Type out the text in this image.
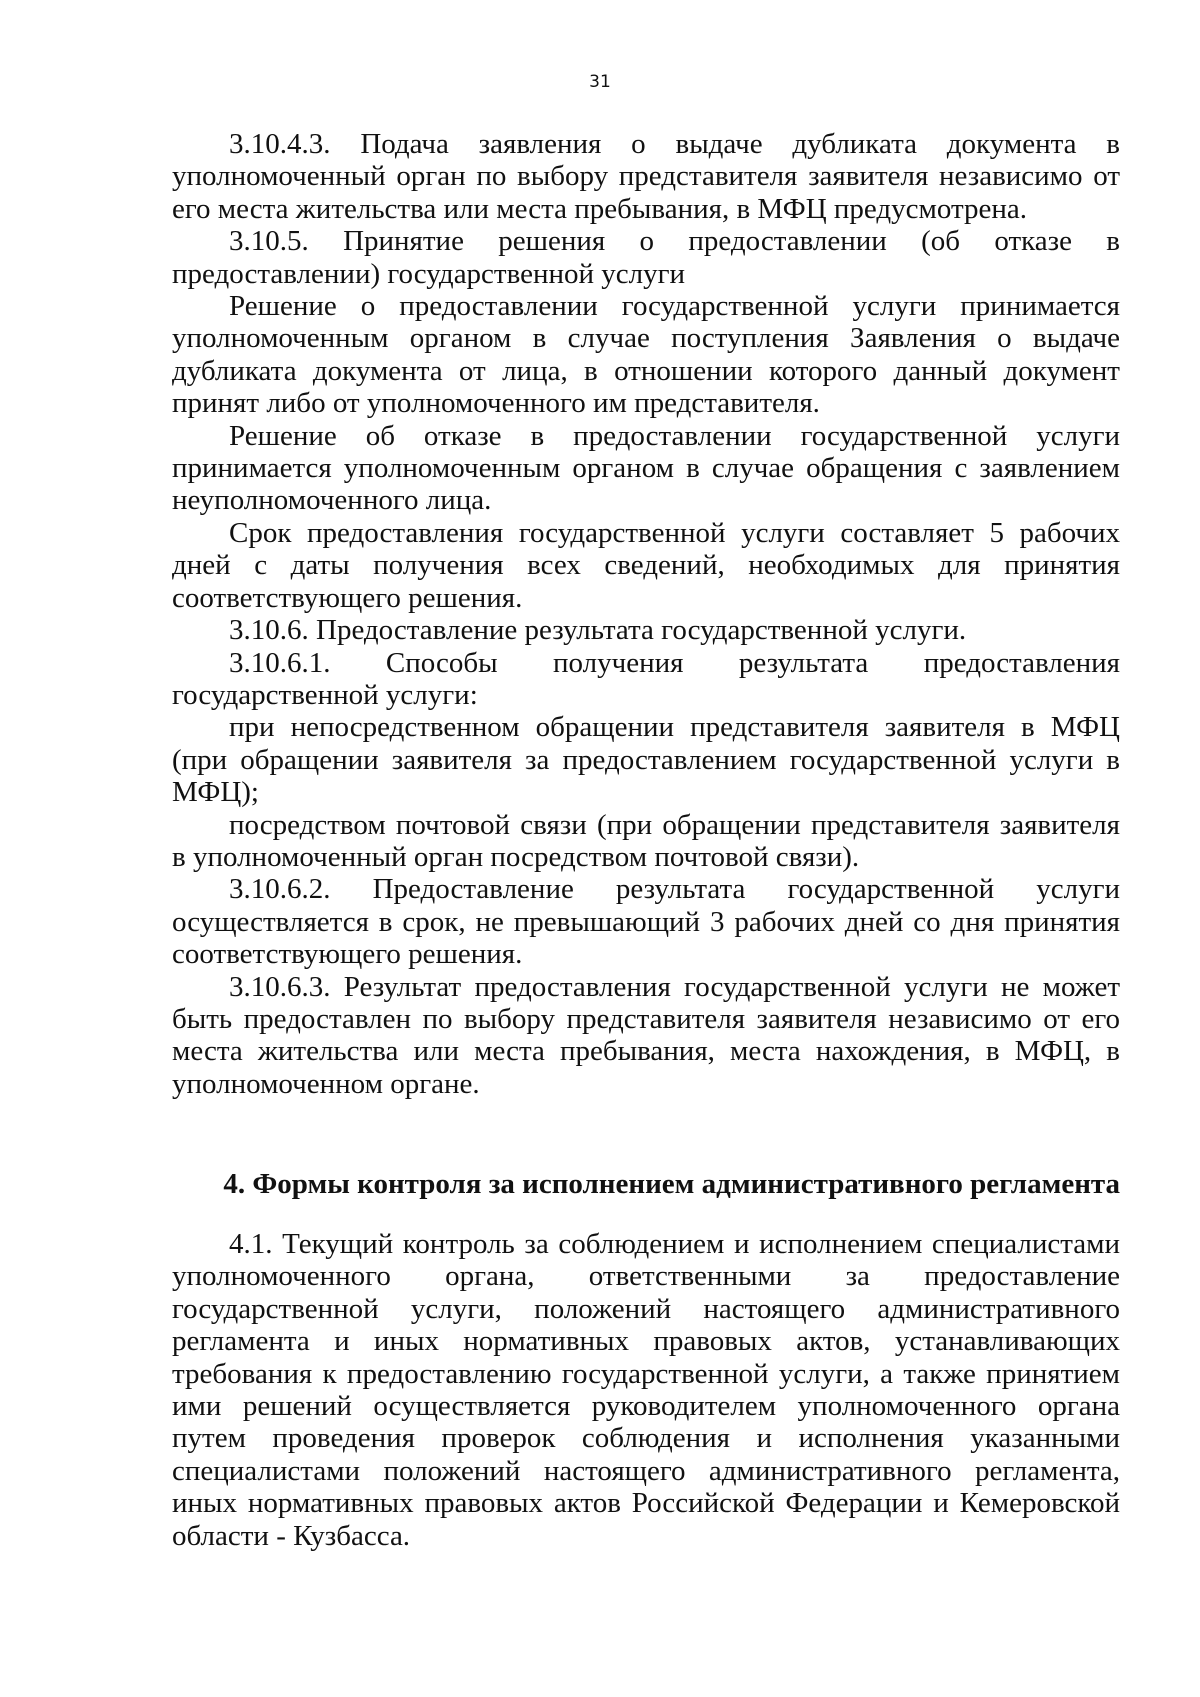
31

3.10.4.3. Подача заявления о выдаче дубликата документа в уполномоченный орган по выбору представителя заявителя независимо от его места жительства или места пребывания, в МФЦ предусмотрена.

3.10.5. Принятие решения о предоставлении (об отказе в предоставлении) государственной услуги

Решение о предоставлении государственной услуги принимается уполномоченным органом в случае поступления Заявления о выдаче дубликата документа от лица, в отношении которого данный документ принят либо от уполномоченного им представителя.

Решение об отказе в предоставлении государственной услуги принимается уполномоченным органом в случае обращения с заявлением неуполномоченного лица.

Срок предоставления государственной услуги составляет 5 рабочих дней с даты получения всех сведений, необходимых для принятия соответствующего решения.

3.10.6. Предоставление результата государственной услуги.

3.10.6.1. Способы получения результата предоставления государственной услуги:

при непосредственном обращении представителя заявителя в МФЦ (при обращении заявителя за предоставлением государственной услуги в МФЦ);

посредством почтовой связи (при обращении представителя заявителя в уполномоченный орган посредством почтовой связи).

3.10.6.2. Предоставление результата государственной услуги осуществляется в срок, не превышающий 3 рабочих дней со дня принятия соответствующего решения.

3.10.6.3. Результат предоставления государственной услуги не может быть предоставлен по выбору представителя заявителя независимо от его места жительства или места пребывания, места нахождения, в МФЦ, в уполномоченном органе.

4. Формы контроля за исполнением административного регламента

4.1. Текущий контроль за соблюдением и исполнением специалистами уполномоченного органа, ответственными за предоставление государственной услуги, положений настоящего административного регламента и иных нормативных правовых актов, устанавливающих требования к предоставлению государственной услуги, а также принятием ими решений осуществляется руководителем уполномоченного органа путем проведения проверок соблюдения и исполнения указанными специалистами положений настоящего административного регламента, иных нормативных правовых актов Российской Федерации и Кемеровской области - Кузбасса.
